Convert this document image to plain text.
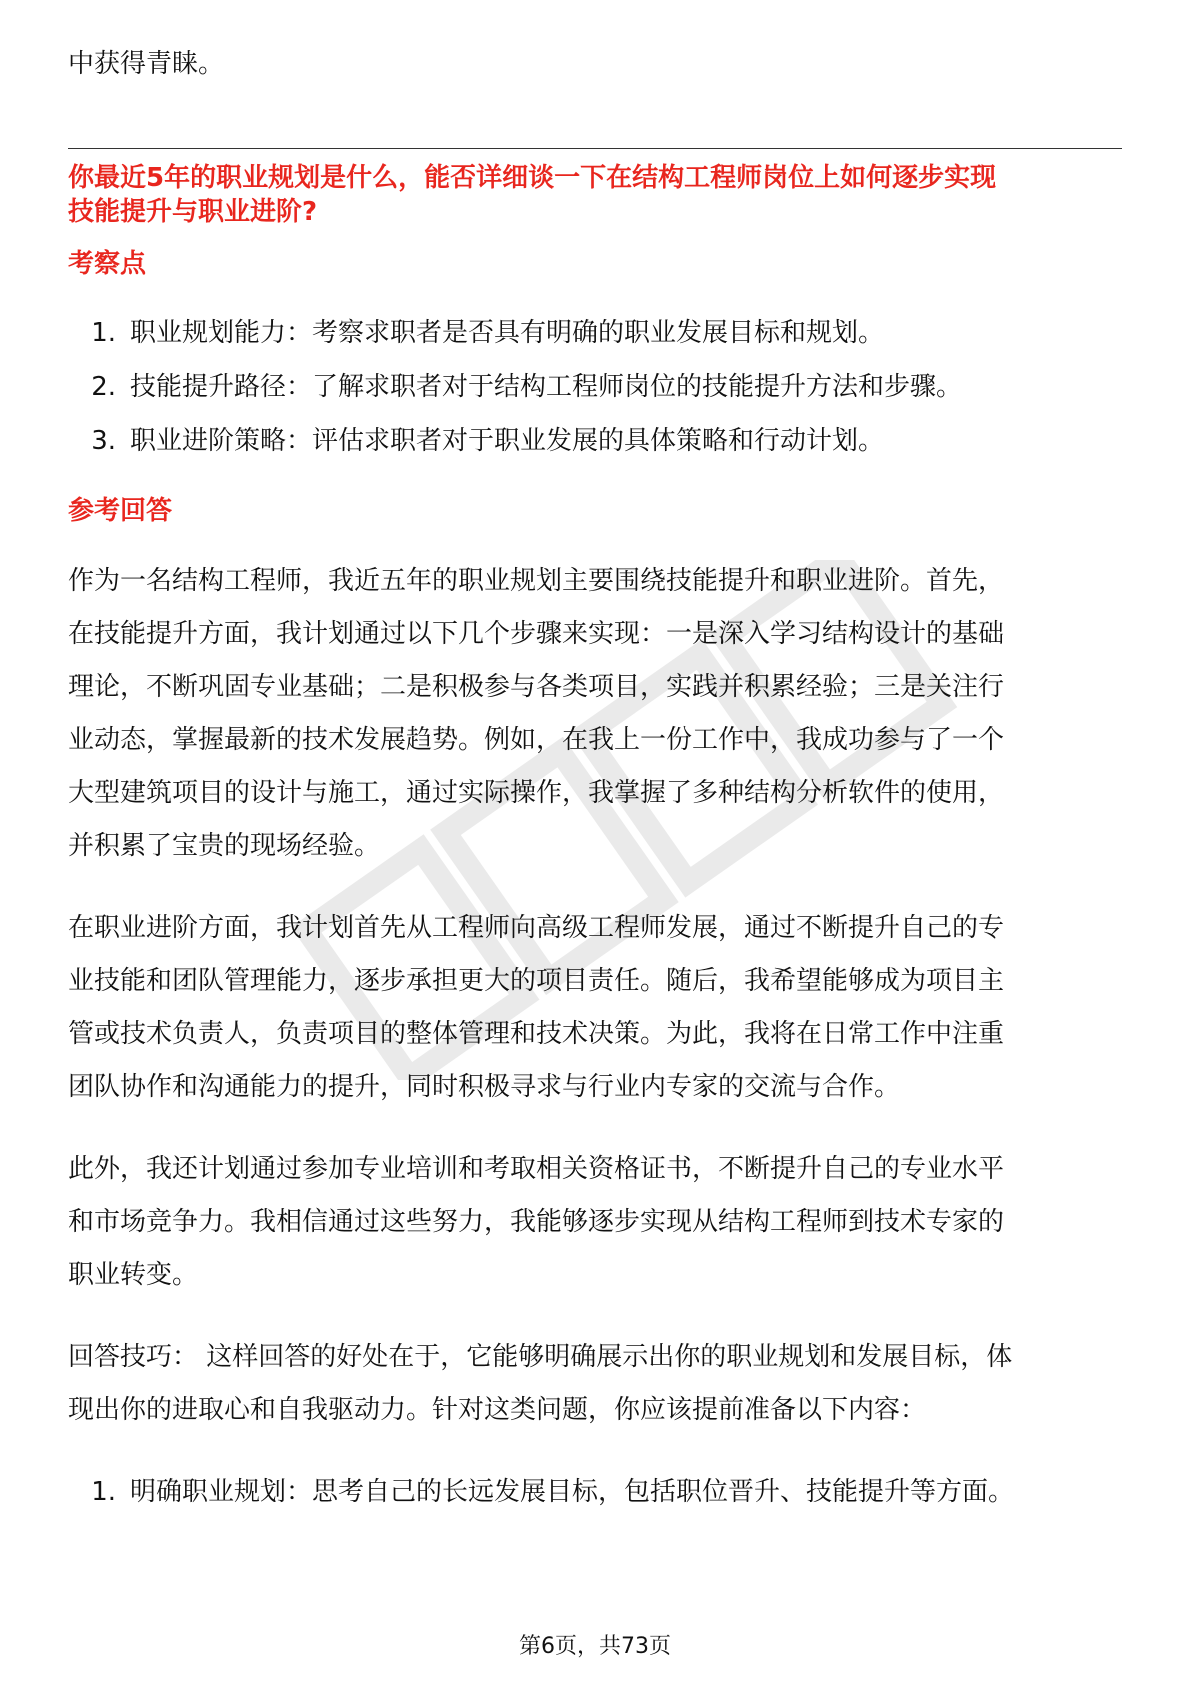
中获得青睐。
你最近5年的职业规划是什么，能否详细谈一下在结构工程师岗位上如何逐步实现
技能提升与职业进阶?
考察点
1. 职业规划能力：考察求职者是否具有明确的职业发展目标和规划。
2. 技能提升路径：了解求职者对于结构工程师岗位的技能提升方法和步骤。
3. 职业进阶策略：评估求职者对于职业发展的具体策略和行动计划。
参考回答
作为一名结构工程师，我近五年的职业规划主要围绕技能提升和职业进阶。首先，
在技能提升方面，我计划通过以下几个步骤来实现：一是深入学习结构设计的基础
理论，不断巩固专业基础；二是积极参与各类项目，实践并积累经验；三是关注行
业动态，掌握最新的技术发展趋势。例如，在我上一份工作中，我成功参与了一个
大型建筑项目的设计与施工，通过实际操作，我掌握了多种结构分析软件的使用，
并积累了宝贵的现场经验。
在职业进阶方面，我计划首先从工程师向高级工程师发展，通过不断提升自己的专
业技能和团队管理能力，逐步承担更大的项目责任。随后，我希望能够成为项目主
管或技术负责人，负责项目的整体管理和技术决策。为此，我将在日常工作中注重
团队协作和沟通能力的提升，同时积极寻求与行业内专家的交流与合作。
此外，我还计划通过参加专业培训和考取相关资格证书，不断提升自己的专业水平
和市场竞争力。我相信通过这些努力，我能够逐步实现从结构工程师到技术专家的
职业转变。
回答技巧： 这样回答的好处在于，它能够明确展示出你的职业规划和发展目标，体
现出你的进取心和自我驱动力。针对这类问题，你应该提前准备以下内容：
1. 明确职业规划：思考自己的长远发展目标，包括职位晋升、技能提升等方面。
第6页，共73页
